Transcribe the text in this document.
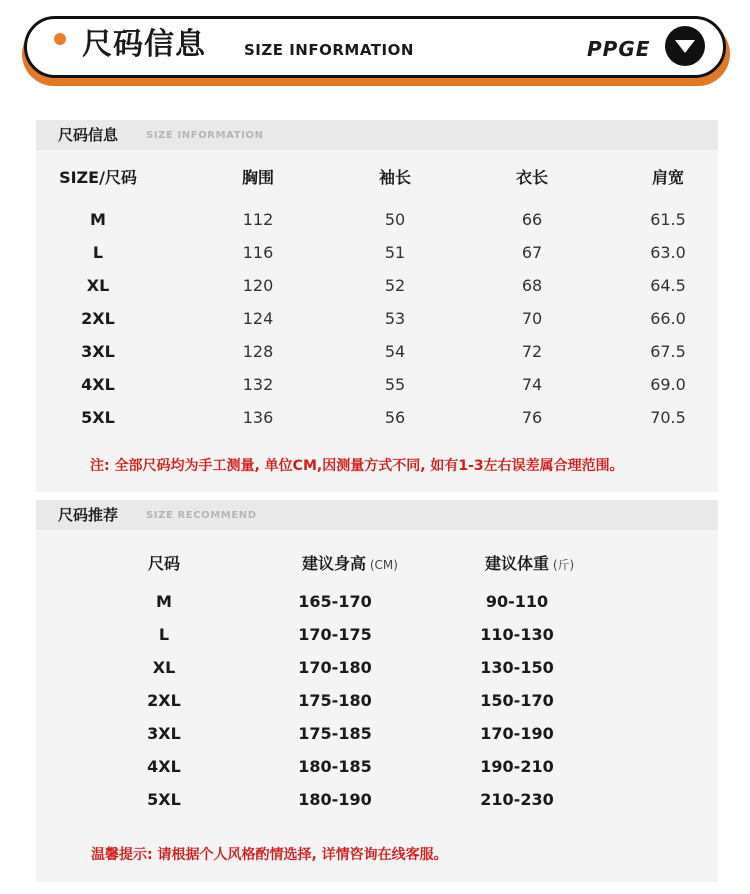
尺码信息	SIZE INFORMATION	PPGE
尺码信息	SIZE INFORMATION
SIZE/尺码	胸围	袖长	衣长	肩宽
M	112	50	66	61.5
L	116	51	67	63.0
XL	120	52	68	64.5
2XL	124	53	70	66.0
3XL	128	54	72	67.5
4XL	132	55	74	69.0
5XL	136	56	76	70.5
注: 全部尺码均为手工测量, 单位CM,因测量方式不同, 如有1-3左右误差属合理范围。
尺码推荐	SIZE RECOMMEND
尺码	建议身高 (CM)	建议体重 (斤)
M	165-170	90-110
L	170-175	110-130
XL	170-180	130-150
2XL	175-180	150-170
3XL	175-185	170-190
4XL	180-185	190-210
5XL	180-190	210-230
温馨提示: 请根据个人风格酌情选择, 详情咨询在线客服。
